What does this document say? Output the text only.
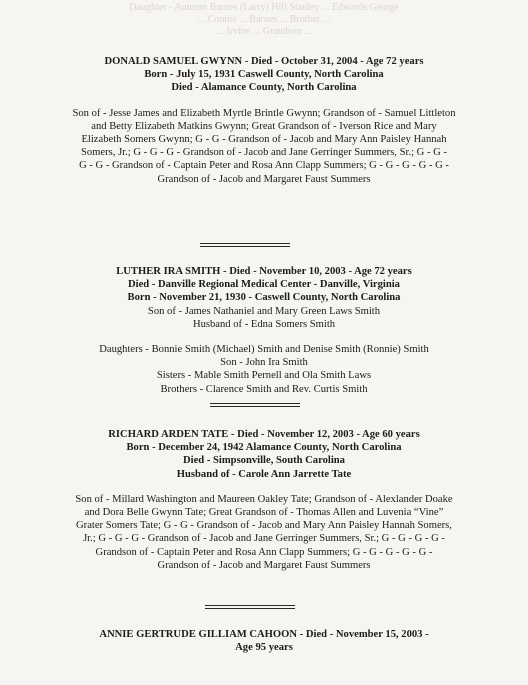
Daughter - Autumn Barnes (Larry) Hill Stanley ... Edwards George
... Connie ... Barnes ... Brother ...
... Irvine ... Grandson ...
DONALD SAMUEL GWYNN - Died - October 31, 2004 - Age 72 years
Born - July 15, 1931 Caswell County, North Carolina
Died - Alamance County, North Carolina
Son of - Jesse James and Elizabeth Myrtle Brintle Gwynn; Grandson of - Samuel Littleton
and Betty Elizabeth Matkins Gwynn; Great Grandson of - Iverson Rice and Mary
Elizabeth Somers Gwynn; G - G - Grandson of - Jacob and Mary Ann Paisley Hannah
Somers, Jr.; G - G - G - Grandson of - Jacob and Jane Gerringer Summers, Sr.; G - G -
G - G - Grandson of - Captain Peter and Rosa Ann Clapp Summers; G - G - G - G - G -
Grandson of - Jacob and Margaret Faust Summers
LUTHER IRA SMITH - Died - November 10, 2003 - Age 72 years
Died - Danville Regional Medical Center - Danville, Virginia
Born - November 21, 1930 - Caswell County, North Carolina
Son of - James Nathaniel and Mary Green Laws Smith
Husband of - Edna Somers Smith
Daughters - Bonnie Smith (Michael) Smith and Denise Smith (Ronnie) Smith
Son - John Ira Smith
Sisters - Mable Smith Pernell and Ola Smith Laws
Brothers - Clarence Smith and Rev. Curtis Smith
RICHARD ARDEN TATE - Died - November 12, 2003 - Age 60 years
Born - December 24, 1942 Alamance County, North Carolina
Died - Simpsonville, South Carolina
Husband of - Carole Ann Jarrette Tate
Son of - Millard Washington and Maureen Oakley Tate; Grandson of - Alexlander Doake
and Dora Belle Gwynn Tate; Great Grandson of - Thomas Allen and Luvenia “Vine”
Grater Somers Tate; G - G - Grandson of - Jacob and Mary Ann Paisley Hannah Somers,
Jr.; G - G - G - Grandson of - Jacob and Jane Gerringer Summers, Sr.; G - G - G - G -
Grandson of - Captain Peter and Rosa Ann Clapp Summers; G - G - G - G - G -
Grandson of - Jacob and Margaret Faust Summers
ANNIE GERTRUDE GILLIAM CAHOON - Died - November 15, 2003 -
Age 95 years
